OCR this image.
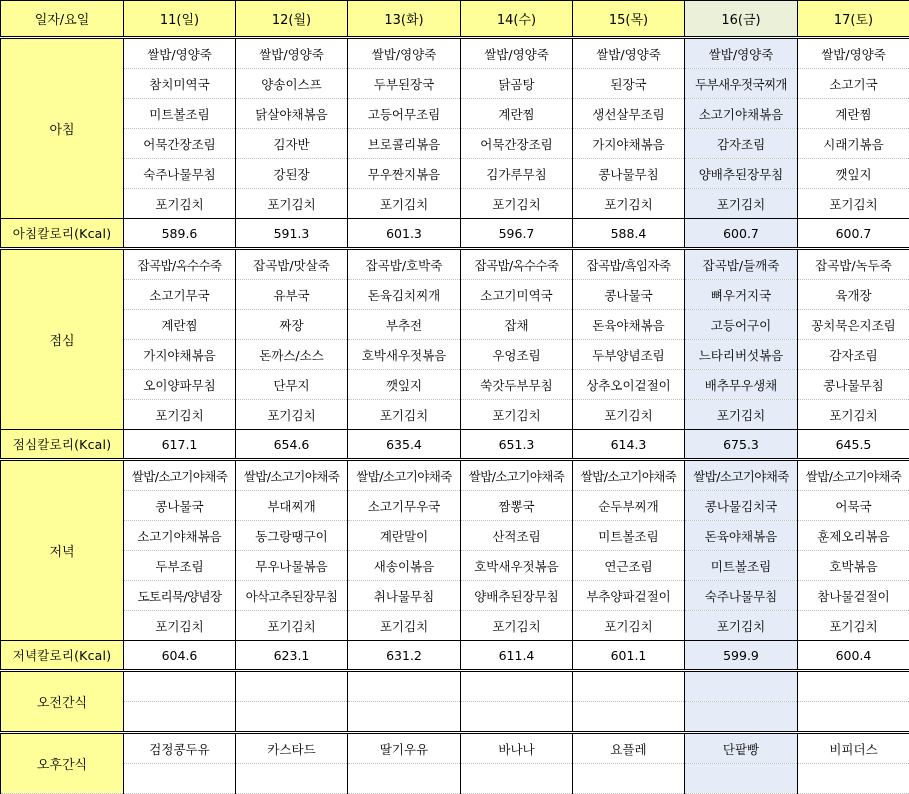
일자/요일	11(일)	12(월)	13(화)	14(수)	15(목)	16(금)	17(토)
아침	쌀밥/영양죽	쌀밥/영양죽	쌀밥/영양죽	쌀밥/영양죽	쌀밥/영양죽	쌀밥/영양죽	쌀밥/영양죽
	참치미역국	양송이스프	두부된장국	닭곰탕	된장국	두부새우젓국찌개	소고기국
	미트볼조림	닭살야채볶음	고등어무조림	계란찜	생선살무조림	소고기야채볶음	계란찜
	어묵간장조림	김자반	브로콜리볶음	어묵간장조림	가지야채볶음	감자조림	시래기볶음
	숙주나물무침	강된장	무우짠지볶음	김가루무침	콩나물무침	양배추된장무침	깻잎지
	포기김치	포기김치	포기김치	포기김치	포기김치	포기김치	포기김치
아침칼로리(Kcal)	589.6	591.3	601.3	596.7	588.4	600.7	600.7
점심	잡곡밥/옥수수죽	잡곡밥/맛살죽	잡곡밥/호박죽	잡곡밥/옥수수죽	잡곡밥/흑임자죽	잡곡밥/들깨죽	잡곡밥/녹두죽
	소고기무국	유부국	돈육김치찌개	소고기미역국	콩나물국	뼈우거지국	육개장
	계란찜	짜장	부추전	잡채	돈육야채볶음	고등어구이	꽁치묵은지조림
	가지야채볶음	돈까스/소스	호박새우젓볶음	우엉조림	두부양념조림	느타리버섯볶음	감자조림
	오이양파무침	단무지	깻잎지	쑥갓두부무침	상추오이겉절이	배추무우생채	콩나물무침
	포기김치	포기김치	포기김치	포기김치	포기김치	포기김치	포기김치
점심칼로리(Kcal)	617.1	654.6	635.4	651.3	614.3	675.3	645.5
저녁	쌀밥/소고기야채죽	쌀밥/소고기야채죽	쌀밥/소고기야채죽	쌀밥/소고기야채죽	쌀밥/소고기야채죽	쌀밥/소고기야채죽	쌀밥/소고기야채죽
	콩나물국	부대찌개	소고기무우국	짬뽕국	순두부찌개	콩나물김치국	어묵국
	소고기야채볶음	동그랑땡구이	계란말이	산적조림	미트볼조림	돈육야채볶음	훈제오리볶음
	두부조림	무우나물볶음	새송이볶음	호박새우젓볶음	연근조림	미트볼조림	호박볶음
	도토리묵/양념장	아삭고추된장무침	취나물무침	양배추된장무침	부추양파겉절이	숙주나물무침	참나물겉절이
	포기김치	포기김치	포기김치	포기김치	포기김치	포기김치	포기김치
저녁칼로리(Kcal)	604.6	623.1	631.2	611.4	601.1	599.9	600.4
오전간식							

오후간식	검정콩두유	카스타드	딸기우유	바나나	요플레	단팥빵	비피더스
